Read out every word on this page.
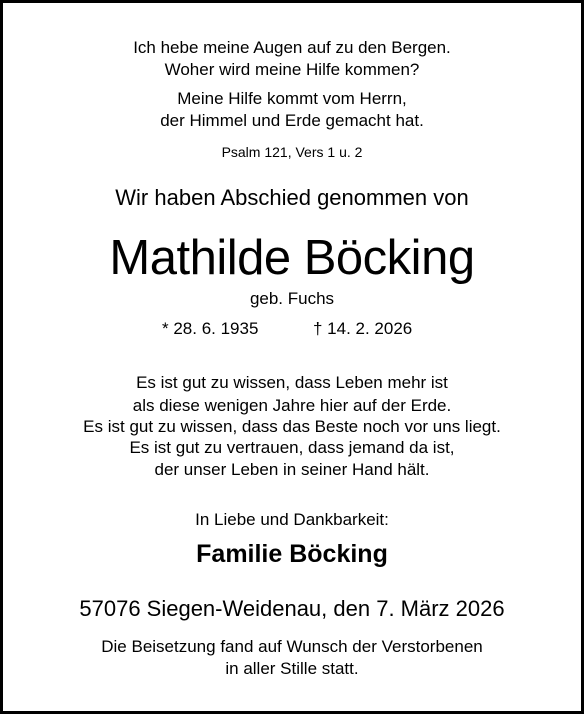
Ich hebe meine Augen auf zu den Bergen.
Woher wird meine Hilfe kommen?
Meine Hilfe kommt vom Herrn,
der Himmel und Erde gemacht hat.
Psalm 121, Vers 1 u. 2
Wir haben Abschied genommen von
Mathilde Böcking
geb. Fuchs
* 28. 6. 1935	† 14. 2. 2026
Es ist gut zu wissen, dass Leben mehr ist
als diese wenigen Jahre hier auf der Erde.
Es ist gut zu wissen, dass das Beste noch vor uns liegt.
Es ist gut zu vertrauen, dass jemand da ist,
der unser Leben in seiner Hand hält.
In Liebe und Dankbarkeit:
Familie Böcking
57076 Siegen-Weidenau, den 7. März 2026
Die Beisetzung fand auf Wunsch der Verstorbenen
in aller Stille statt.
